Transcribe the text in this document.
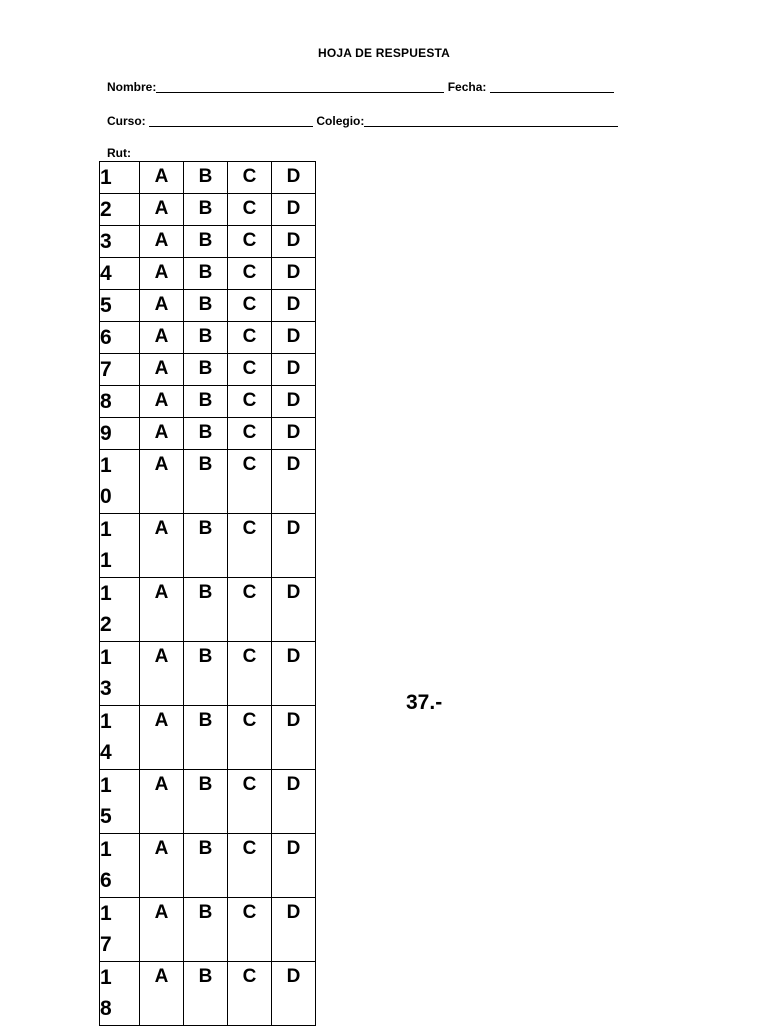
HOJA DE RESPUESTA
Nombre:	Fecha:
Curso:	Colegio:
Rut:
1	A	B	C	D

2	A	B	C	D

3	A	B	C	D

4	A	B	C	D

5	A	B	C	D

6	A	B	C	D

7	A	B	C	D

8	A	B	C	D

9	A	B	C	D

10	A	B	C	D

11	A	B	C	D

12	A	B	C	D

13	A	B	C	D

14	A	B	C	D

15	A	B	C	D

16	A	B	C	D

17	A	B	C	D

18	A	B	C	D
37.-
